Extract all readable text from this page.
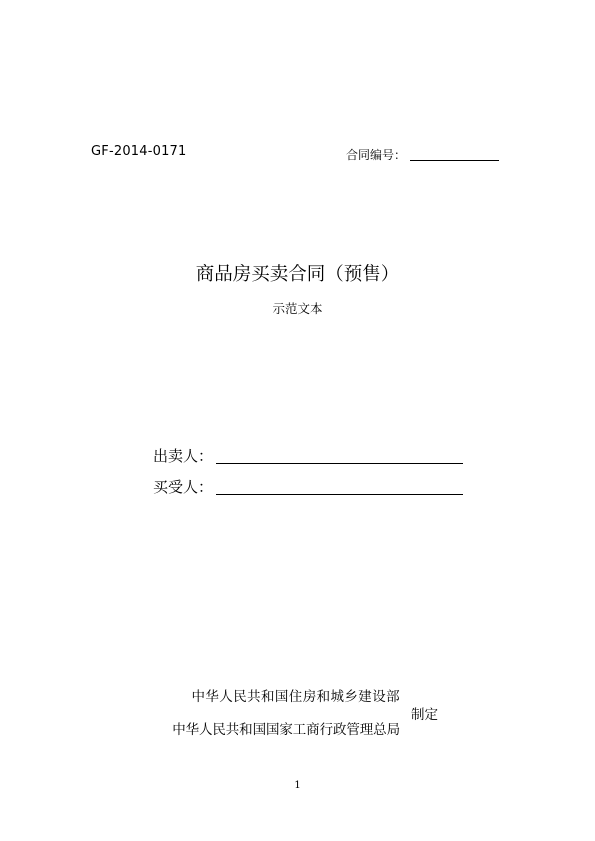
GF-2014-0171	合同编号：
商品房买卖合同（预售）
示范文本
出卖人：
买受人：
中华人民共和国住房和城乡建设部
中华人民共和国国家工商行政管理总局
制定
1
